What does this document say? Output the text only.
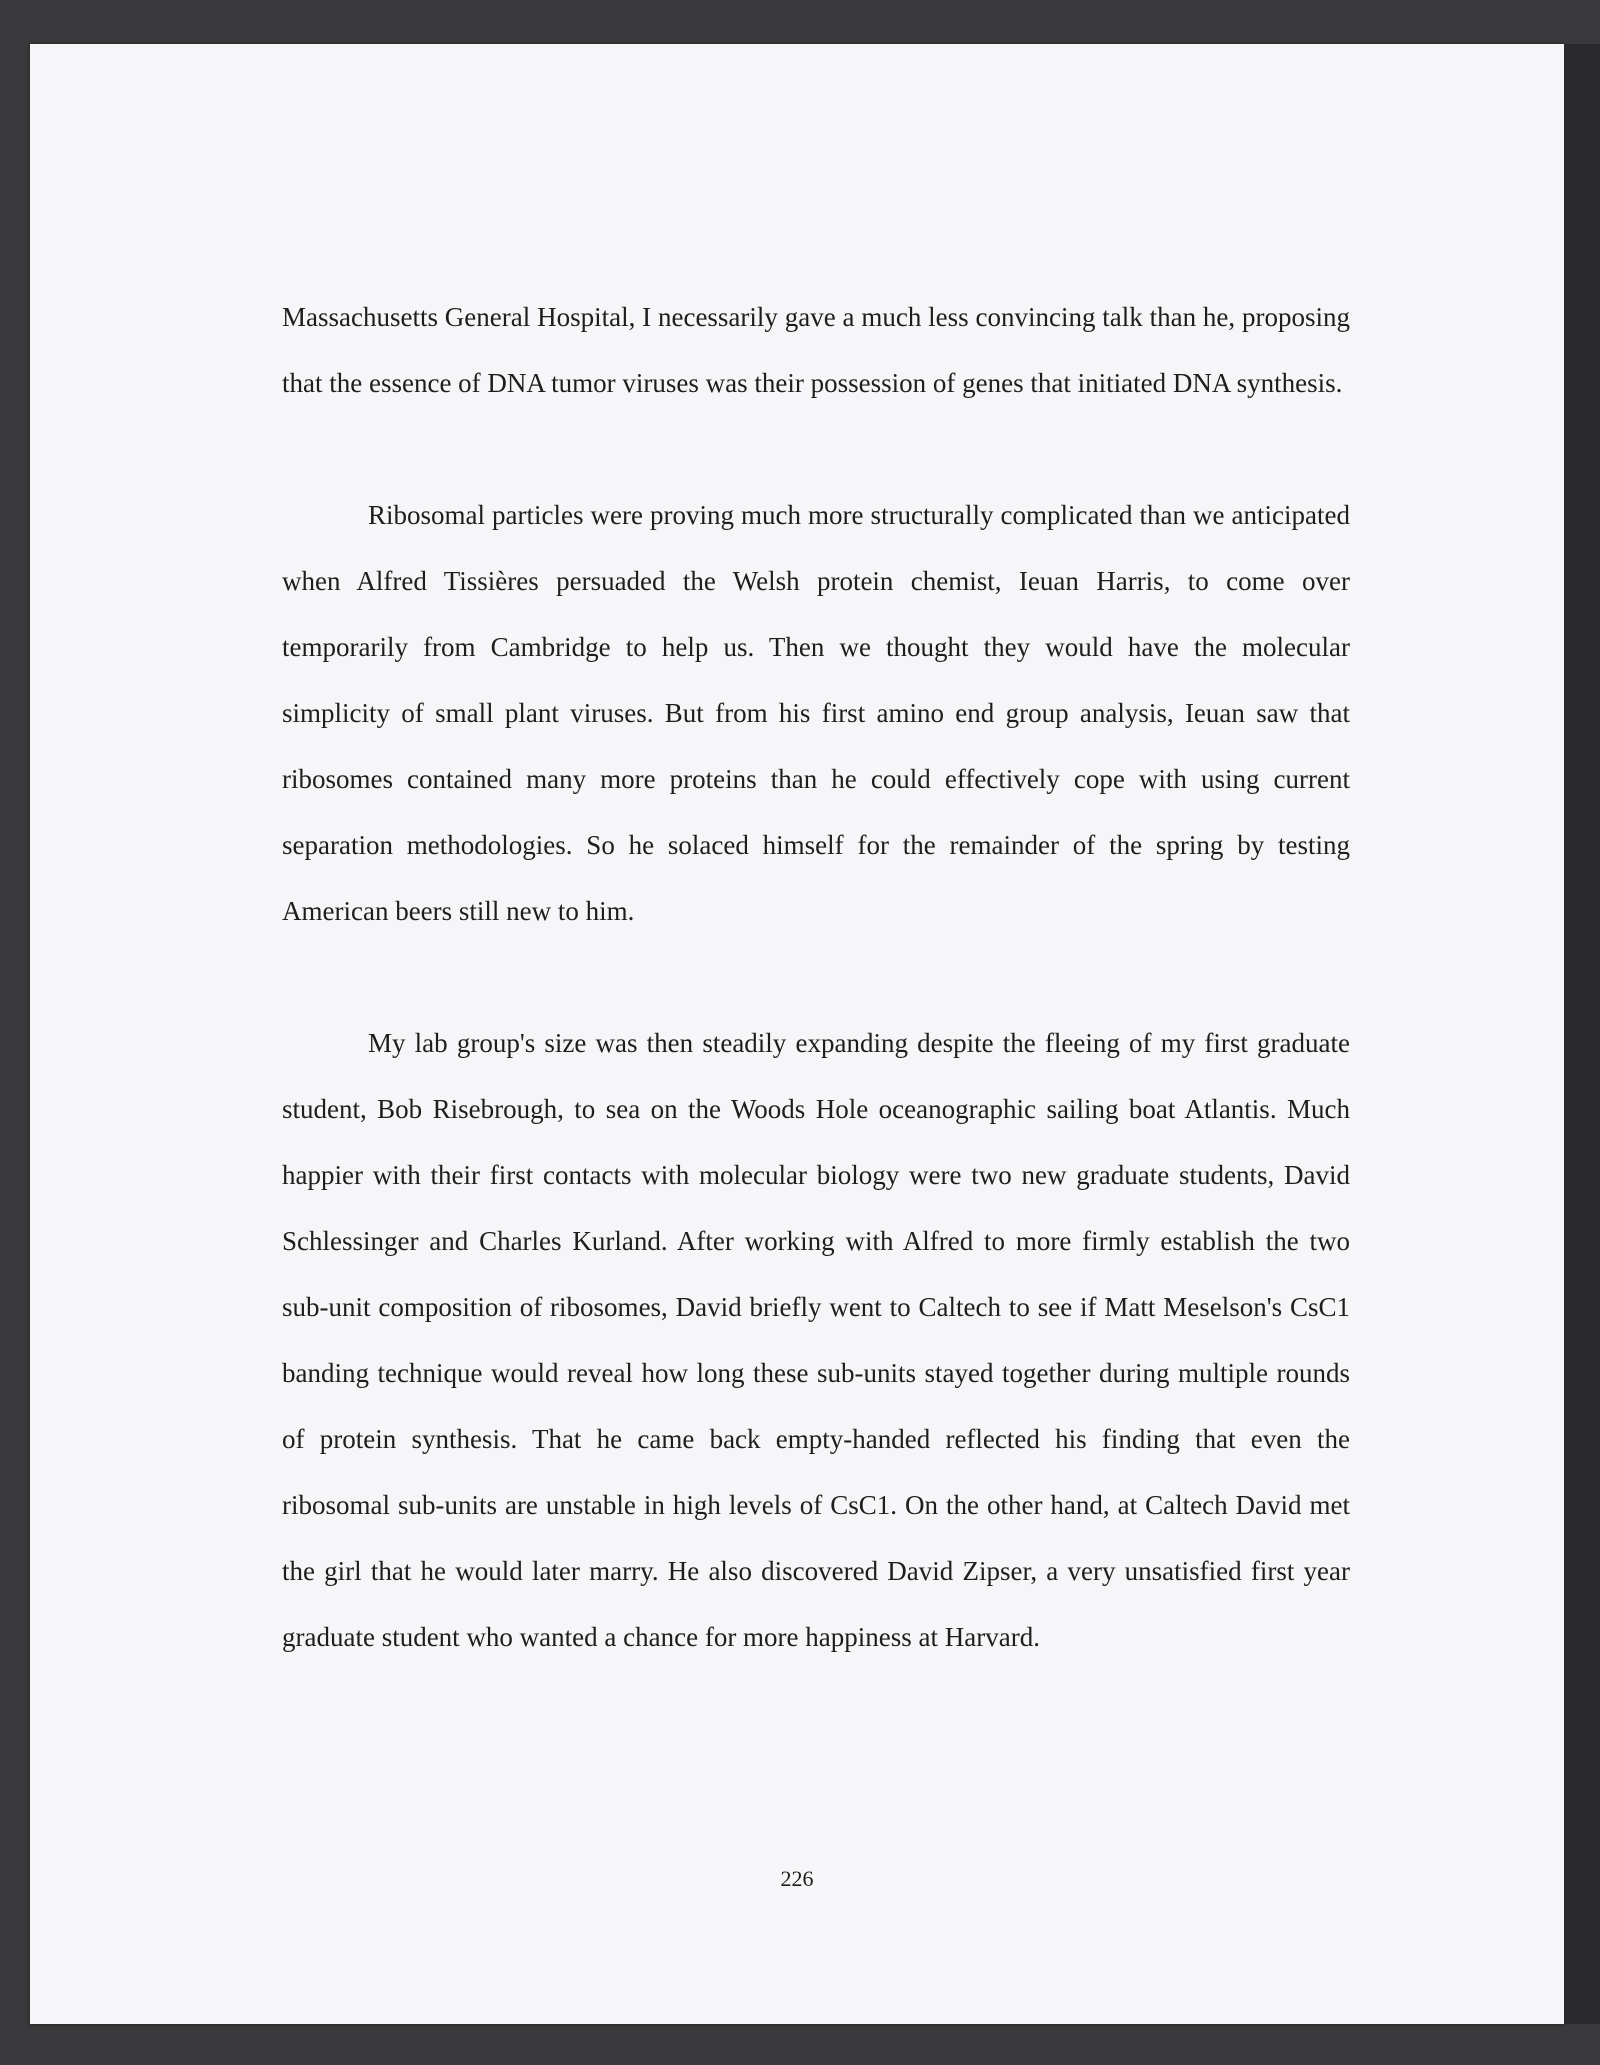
Massachusetts General Hospital, I necessarily gave a much less convincing talk than he, proposing that the essence of DNA tumor viruses was their possession of genes that initiated DNA synthesis.

Ribosomal particles were proving much more structurally complicated than we anticipated when Alfred Tissières persuaded the Welsh protein chemist, Ieuan Harris, to come over temporarily from Cambridge to help us. Then we thought they would have the molecular simplicity of small plant viruses. But from his first amino end group analysis, Ieuan saw that ribosomes contained many more proteins than he could effectively cope with using current separation methodologies. So he solaced himself for the remainder of the spring by testing American beers still new to him.

My lab group's size was then steadily expanding despite the fleeing of my first graduate student, Bob Risebrough, to sea on the Woods Hole oceanographic sailing boat Atlantis. Much happier with their first contacts with molecular biology were two new graduate students, David Schlessinger and Charles Kurland. After working with Alfred to more firmly establish the two sub-unit composition of ribosomes, David briefly went to Caltech to see if Matt Meselson's CsC1 banding technique would reveal how long these sub-units stayed together during multiple rounds of protein synthesis. That he came back empty-handed reflected his finding that even the ribosomal sub-units are unstable in high levels of CsC1. On the other hand, at Caltech David met the girl that he would later marry. He also discovered David Zipser, a very unsatisfied first year graduate student who wanted a chance for more happiness at Harvard.

226
